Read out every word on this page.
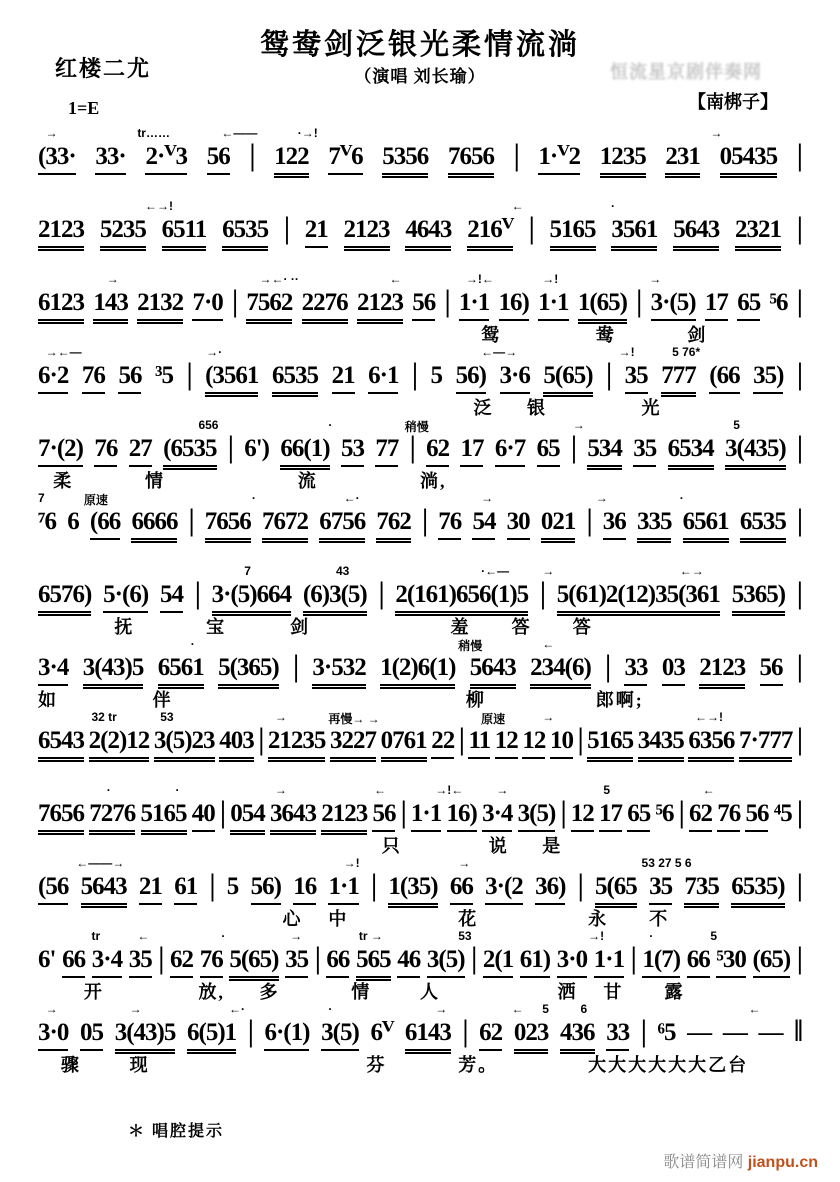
红楼二尤
鸳鸯剑泛银光柔情流淌
（演唱 刘长瑜）	恒流星京剧伴奏网
【南梆子】
1=E
→	tr……	←——	·→!	→
(33· 33· 2·ⱽ3 56 | 122 7ⱽ6 5356 7656 | 1·ⱽ2 1235 231 05435 |
←→!	←	·
2123 5235 6511 6535 | 21 2123 4643 216ⱽ | 5165 3561 5643 2321 |
→	→←· ··	←	→!←	→!	→
6123 143 2132 7·0 | 7562 2276 2123 56 | 1·1 16) 1·1 1(65) | 3·(5) 17 65 ⁵6 |
鸳	鸯	剑
→←—	→·	←—→	→!	5 76*
6·2 76 56 ³5 | (3561 6535 21 6·1 | 5 56) 3·6 5(65) | 35 777 (66 35) |
泛 银	光
656	·	稍慢	→	5
7·(2) 76 27 (6535 | 6') 66(1) 53 77 | 62 17 6·7 65 | 534 35 6534 3(435) |
柔	情	流	淌,
7	原速	·	←·	→	→	·
⁷6 6 (66 6666 | 7656 7672 6756 762 | 76 54 30 021 | 36 335 6561 6535 |
7	43	·←—	→	←→
6576) 5·(6) 54 | 3·(5)664 (6)3(5) | 2(161)656(1)5 | 5(61)2(12)35(361 5365) |
抚	宝	剑	羞 答 答
·	稍慢	←
3·4 3(43)5 6561 5(365) | 3·532 1(2)6(1) 5643 234(6) | 33 03 2123 56 |
如	伴	柳	郎啊;
32 tr	53	→	再慢→ →	原速	→	←→!
6543 2(2)12 3(5)23 403 | 21235 3227 0761 22 | 11 12 12 10 | 5165 3435 6356 7·777 |
·	·	→	←	→!←	→	5	←
7656 7276 5165 40 | 054 3643 2123 56 | 1·1 16) 3·4 3(5) | 12 17 65 ⁵6 | 62 76 56 ⁴5 |
只	说 是
←——→	→!	→	53 27 5 6
(56 5643 21 61 | 5 56) 16 1·1 | 1(35) 66 3·(2 36) | 5(65 35 735 6535) |
心 中	花	永 不
tr	←	·	→	tr →	53	→!	·	5
6' 66 3·4 35 | 62 76 5(65) 35 | 66 565 46 3(5) | 2(1 61) 3·0 1·1 | 1(7) 66 ⁵30 (65) |
开	放, 多	情	人	洒 甘 露
→	→	←·	·	→	← 5	6	←
3·0 05 3(43)5 6(5)1 | 6·(1) 3(5) 6ⱽ 6143 | 62 023 436 33 | ⁶5 — — — ‖
骤	现	芬	芳。	大大大大大大乙台
＊ 唱腔提示
歌谱简谱网 jianpu.cn
